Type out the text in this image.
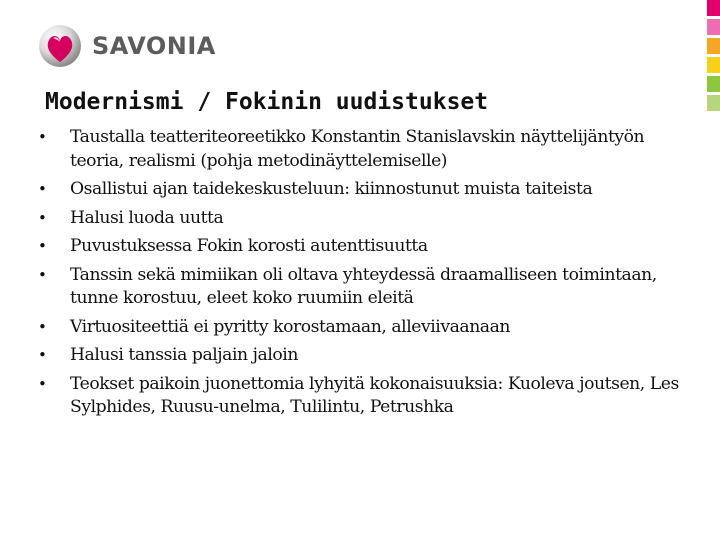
SAVONIA
Modernismi / Fokinin uudistukset
•	Taustalla teatteriteoreetikko Konstantin Stanislavskin näyttelijäntyön teoria, realismi (pohja metodinäyttelemiselle)
•	Osallistui ajan taidekeskusteluun: kiinnostunut muista taiteista
•	Halusi luoda uutta
•	Puvustuksessa Fokin korosti autenttisuutta
•	Tanssin sekä mimiikan oli oltava yhteydessä draamalliseen toimintaan, tunne korostuu, eleet koko ruumiin eleitä
•	Virtuositeettiä ei pyritty korostamaan, alleviivaanaan
•	Halusi tanssia paljain jaloin
•	Teokset paikoin juonettomia lyhyitä kokonaisuuksia: Kuoleva joutsen, Les Sylphides, Ruusu-unelma, Tulilintu, Petrushka
